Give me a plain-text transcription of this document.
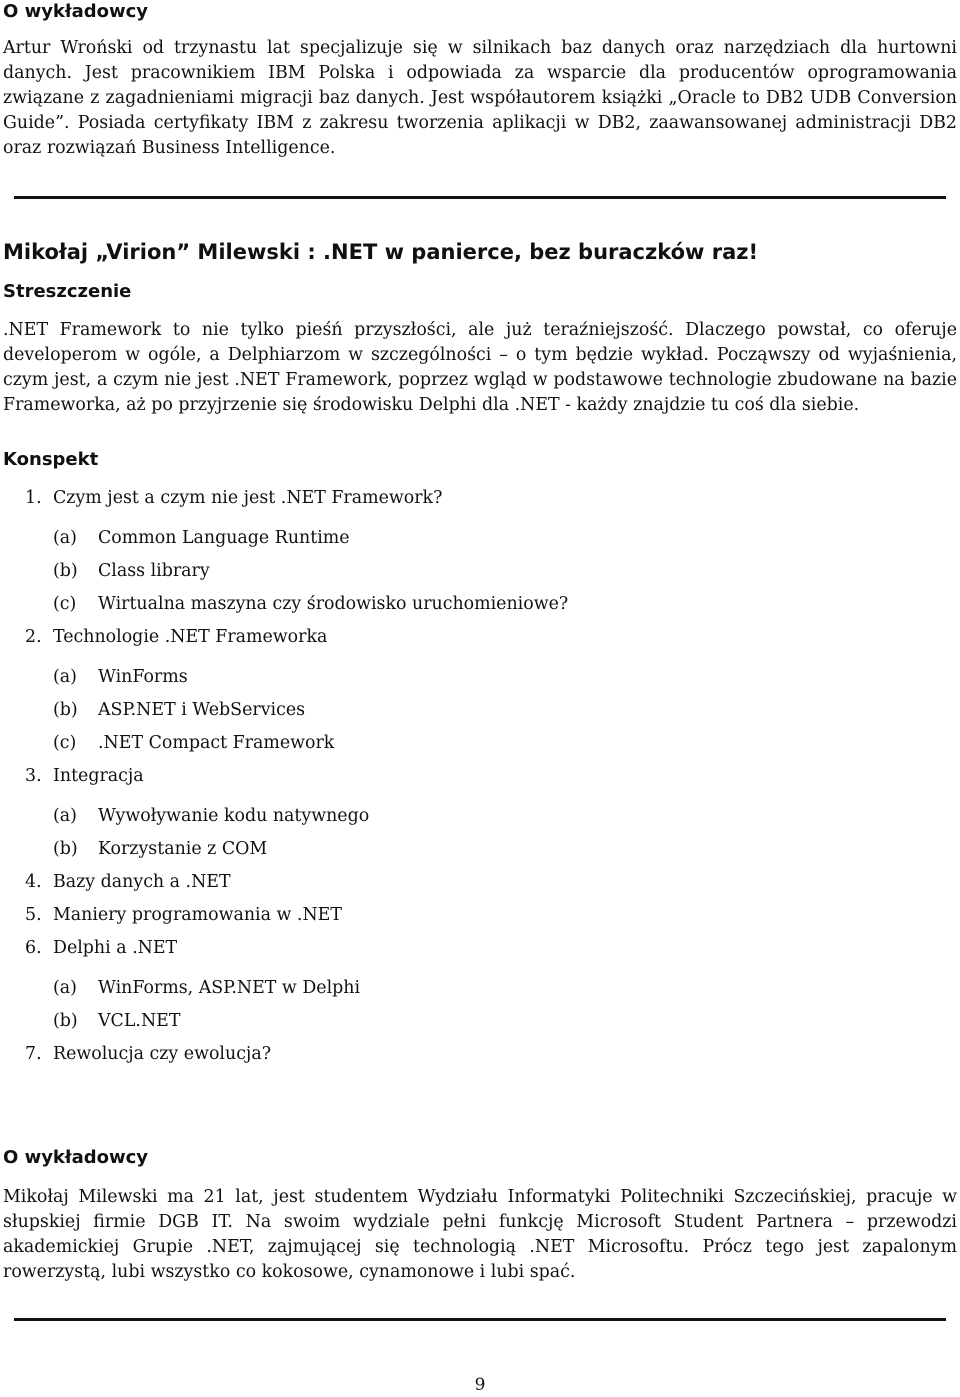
O wykładowcy

Artur Wroński od trzynastu lat specjalizuje się w silnikach baz danych oraz narzędziach dla hurtowni danych. Jest pracownikiem IBM Polska i odpowiada za wsparcie dla producentów oprogramowania związane z zagadnieniami migracji baz danych. Jest współautorem książki „Oracle to DB2 UDB Conversion Guide”. Posiada certyfikaty IBM z zakresu tworzenia aplikacji w DB2, zaawansowanej administracji DB2 oraz rozwiązań Business Intelligence.

Mikołaj „Virion” Milewski : .NET w panierce, bez buraczków raz!
Streszczenie

.NET Framework to nie tylko pieśń przyszłości, ale już teraźniejszość. Dlaczego powstał, co oferuje developerom w ogóle, a Delphiarzom w szczególności – o tym będzie wykład. Począwszy od wyjaśnienia, czym jest, a czym nie jest .NET Framework, poprzez wgląd w podstawowe technologie zbudowane na bazie Frameworka, aż po przyjrzenie się środowisku Delphi dla .NET - każdy znajdzie tu coś dla siebie.

Konspekt
1. Czym jest a czym nie jest .NET Framework?
(a) Common Language Runtime
(b) Class library
(c) Wirtualna maszyna czy środowisko uruchomieniowe?
2. Technologie .NET Frameworka
(a) WinForms
(b) ASP.NET i WebServices
(c) .NET Compact Framework
3. Integracja
(a) Wywoływanie kodu natywnego
(b) Korzystanie z COM
4. Bazy danych a .NET
5. Maniery programowania w .NET
6. Delphi a .NET
(a) WinForms, ASP.NET w Delphi
(b) VCL.NET
7. Rewolucja czy ewolucja?
O wykładowcy

Mikołaj Milewski ma 21 lat, jest studentem Wydziału Informatyki Politechniki Szczecińskiej, pracuje w słupskiej firmie DGB IT. Na swoim wydziale pełni funkcję Microsoft Student Partnera – przewodzi akademickiej Grupie .NET, zajmującej się technologią .NET Microsoftu. Prócz tego jest zapalonym rowerzystą, lubi wszystko co kokosowe, cynamonowe i lubi spać.

9
